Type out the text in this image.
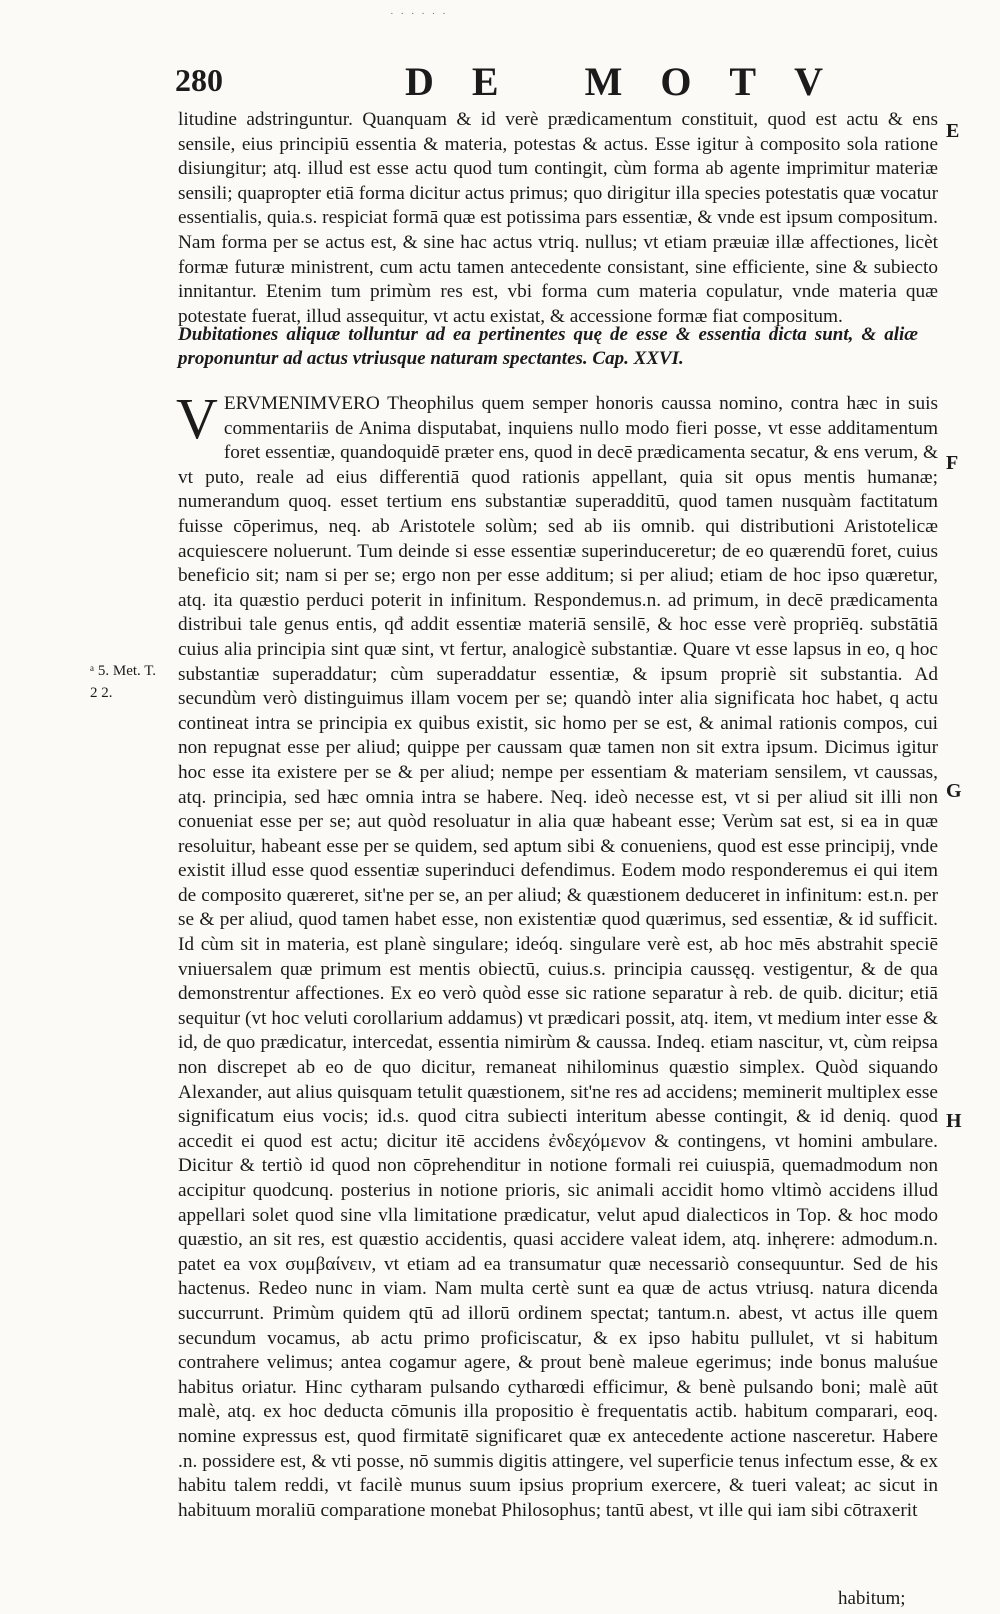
· · · · · ·
280	DE MOTV

litudine adstringuntur. Quanquam & id verè prædicamentum constituit, quod est actu & ens sensile, eius principiū essentia & materia, potestas & actus. Esse igitur à composito sola ratione disiungitur; atq. illud est esse actu quod tum contingit, cùm forma ab agente imprimitur materiæ sensili; quapropter etiā forma dicitur actus primus; quo dirigitur illa species potestatis quæ vocatur essentialis, quia.s. respiciat formā quæ est potissima pars essentiæ, & vnde est ipsum compositum. Nam forma per se actus est, & sine hac actus vtriq. nullus; vt etiam præuiæ illæ affectiones, licèt formæ futuræ ministrent, cum actu tamen antecedente consistant, sine efficiente, sine & subiecto innitantur. Etenim tum primùm res est, vbi forma cum materia copulatur, vnde materia quæ potestate fuerat, illud assequitur, vt actu existat, & accessione formæ fiat compositum.

Dubitationes aliquæ tolluntur ad ea pertinentes quę de esse & essentia dicta sunt, & aliæ proponuntur ad actus vtriusque naturam spectantes. Cap. XXVI.

VERVMENIMVERO Theophilus quem semper honoris caussa nomino, contra hæc in suis commentariis de Anima disputabat, inquiens nullo modo fieri posse, vt esse additamentum foret essentiæ, quandoquidē præter ens, quod in decē prædicamenta secatur, & ens verum, & vt puto, reale ad eius differentiā quod rationis appellant, quia sit opus mentis humanæ; numerandum quoq. esset tertium ens substantiæ superadditū, quod tamen nusquàm factitatum fuisse cōperimus, neq. ab Aristotele solùm; sed ab iis omnib. qui distributioni Aristotelicæ acquiescere noluerunt. Tum deinde si esse essentiæ superinduceretur; de eo quærendū foret, cuius beneficio sit; nam si per se; ergo non per esse additum; si per aliud; etiam de hoc ipso quæretur, atq. ita quæstio perduci poterit in infinitum. Respondemus.n. ad primum, in decē prædicamenta distribui tale genus entis, qđ addit essentiæ materiā sensilē, & hoc esse verè propriēq. substātiā cuius alia principia sint quæ sint, vt fertur, analogicè substantiæ. Quare vt esse lapsus in eo, q hoc substantiæ superaddatur; cùm superaddatur essentiæ, & ipsum propriè sit substantia. Ad secundùm verò distinguimus illam vocem per se; quandò inter alia significata hoc habet, q actu contineat intra se principia ex quibus existit, sic homo per se est, & animal rationis compos, cui non repugnat esse per aliud; quippe per caussam quæ tamen non sit extra ipsum. Dicimus igitur hoc esse ita existere per se & per aliud; nempe per essentiam & materiam sensilem, vt caussas, atq. principia, sed hæc omnia intra se habere. Neq. ideò necesse est, vt si per aliud sit illi non conueniat esse per se; aut quòd resoluatur in alia quæ habeant esse; Verùm sat est, si ea in quæ resoluitur, habeant esse per se quidem, sed aptum sibi & conueniens, quod est esse principij, vnde existit illud esse quod essentiæ superinduci defendimus. Eodem modo responderemus ei qui item de composito quæreret, sit'ne per se, an per aliud; & quæstionem deduceret in infinitum: est.n. per se & per aliud, quod tamen habet esse, non existentiæ quod quærimus, sed essentiæ, & id sufficit. Id cùm sit in materia, est planè singulare; ideóq. singulare verè est, ab hoc mēs abstrahit speciē vniuersalem quæ primum est mentis obiectū, cuius.s. principia caussęq. vestigentur, & de qua demonstrentur affectiones. Ex eo verò quòd esse sic ratione separatur à reb. de quib. dicitur; etiā sequitur (vt hoc veluti corollarium addamus) vt prædicari possit, atq. item, vt medium inter esse & id, de quo prædicatur, intercedat, essentia nimirùm & caussa. Indeq. etiam nascitur, vt, cùm reipsa non discrepet ab eo de quo dicitur, remaneat nihilominus quæstio simplex. Quòd siquando Alexander, aut alius quisquam tetulit quæstionem, sit'ne res ad accidens; meminerit multiplex esse significatum eius vocis; id.s. quod citra subiecti interitum abesse contingit, & id deniq. quod accedit ei quod est actu; dicitur itē accidens ἐνδεχόμενον & contingens, vt homini ambulare. Dicitur & tertiò id quod non cōprehenditur in notione formali rei cuiuspiā, quemadmodum non accipitur quodcunq. posterius in notione prioris, sic animali accidit homo vltimò accidens illud appellari solet quod sine vlla limitatione prædicatur, velut apud dialecticos in Top. & hoc modo quæstio, an sit res, est quæstio accidentis, quasi accidere valeat idem, atq. inhęrere: admodum.n. patet ea vox συμβαίνειν, vt etiam ad ea transumatur quæ necessariò consequuntur. Sed de his hactenus. Redeo nunc in viam. Nam multa certè sunt ea quæ de actus vtriusq. natura dicenda succurrunt. Primùm quidem qtū ad illorū ordinem spectat; tantum.n. abest, vt actus ille quem secundum vocamus, ab actu primo proficiscatur, & ex ipso habitu pullulet, vt si habitum contrahere velimus; antea cogamur agere, & prout benè maleue egerimus; inde bonus maluśue habitus oriatur. Hinc cytharam pulsando cytharœdi efficimur, & benè pulsando boni; malè aūt malè, atq. ex hoc deducta cōmunis illa propositio è frequentatis actib. habitum comparari, eoq. nomine expressus est, quod firmitatē significaret quæ ex antecedente actione nasceretur. Habere .n. possidere est, & vti posse, nō summis digitis attingere, vel superficie tenus infectum esse, & ex habitu talem reddi, vt facilè munus suum ipsius proprium exercere, & tueri valeat; ac sicut in habituum moraliū comparatione monebat Philosophus; tantū abest, vt ille qui iam sibi cōtraxerit

E
F
G
H
ᵃ 5. Met. T. 2 2.
habitum;
